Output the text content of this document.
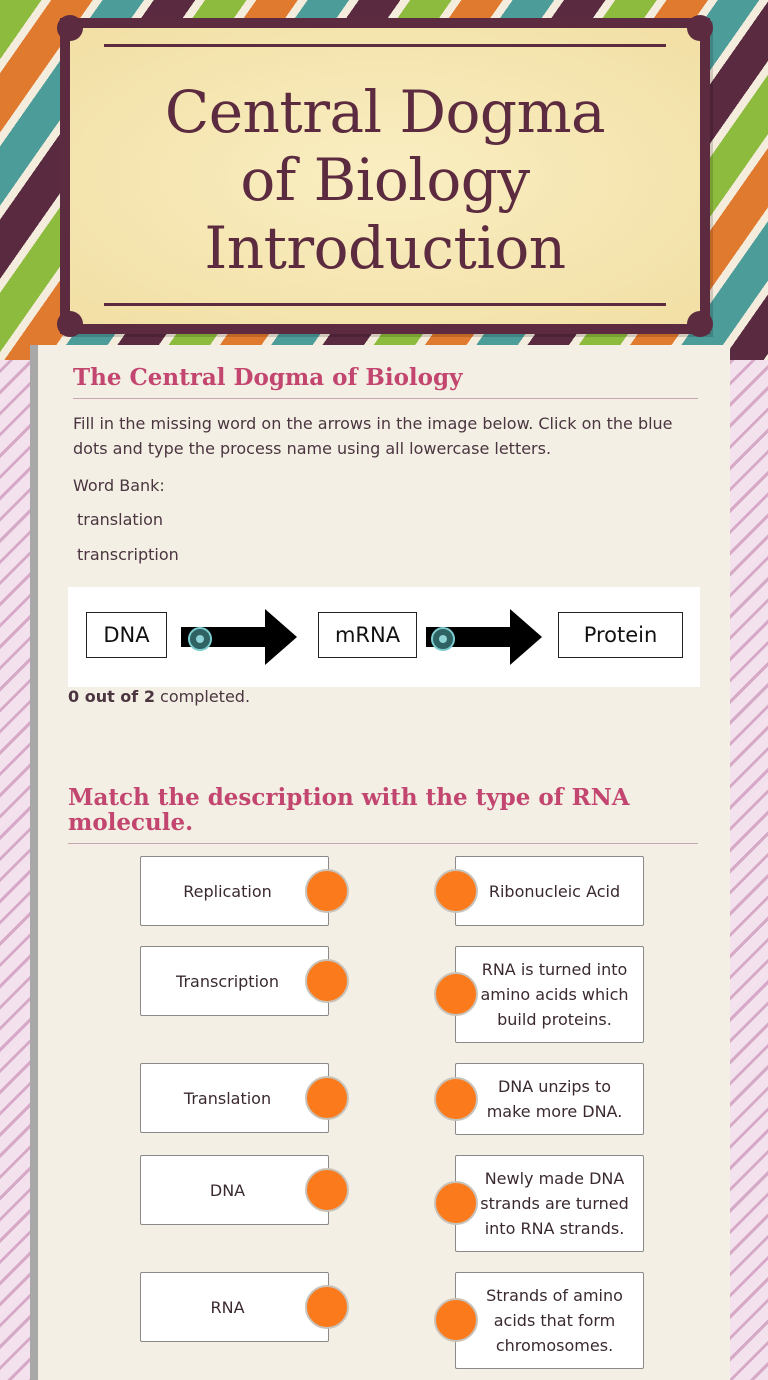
Central Dogma
of Biology
Introduction
The Central Dogma of Biology

Fill in the missing word on the arrows in the image below. Click on the blue dots and type the process name using all lowercase letters.

Word Bank:

translation

transcription

DNA	mRNA	Protein
0 out of 2 completed.
Match the description with the type of RNA
molecule.
Replication
Transcription
Translation
DNA
RNA
Ribonucleic Acid
RNA is turned into amino acids which build proteins.
DNA unzips to make more DNA.
Newly made DNA strands are turned into RNA strands.
Strands of amino acids that form chromosomes.
